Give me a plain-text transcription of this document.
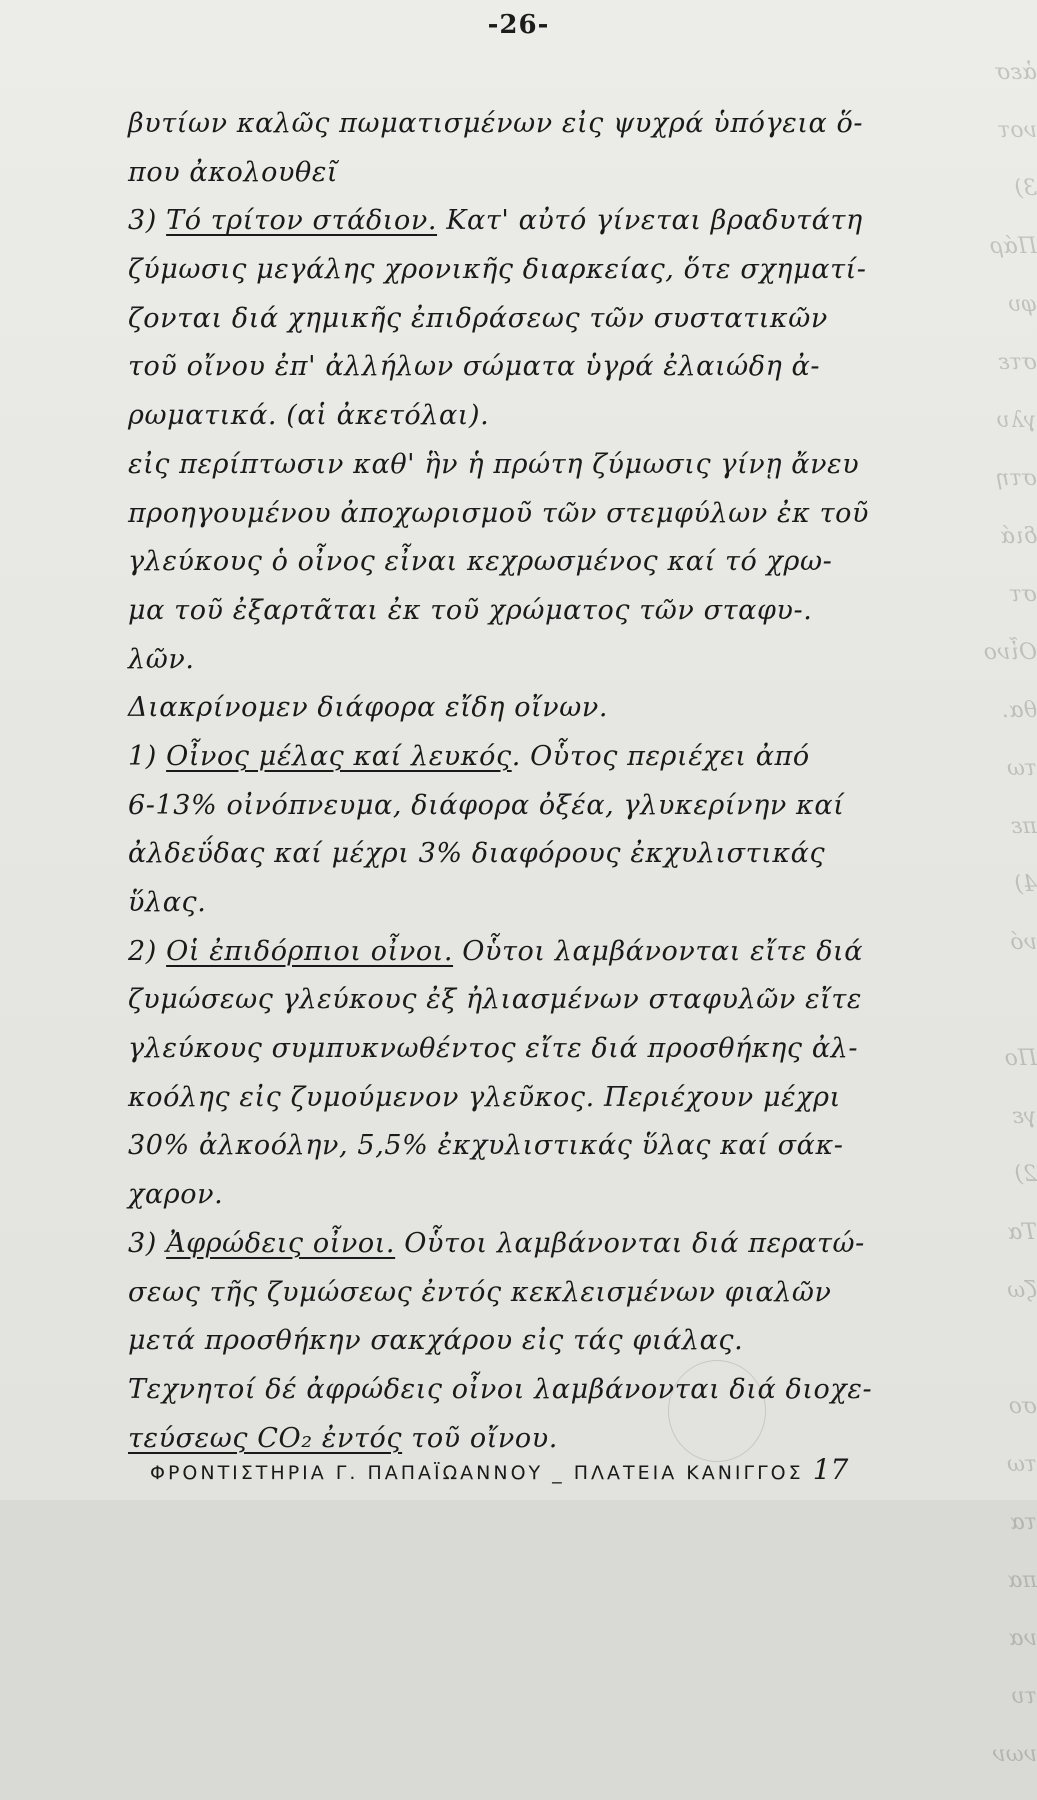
ἀεσ
νοτ
3)
Πάρ
φυ
στε
γλυ
στη
διά
στ
Οἶνο
θα.
τω
πε
4)
νό
Πο
γε
2)
Τα
ζω
σο
τω
τα
πα
να
τυ
νων
-26-
βυτίων καλῶς πωματισμένων εἰς ψυχρά ὑπόγεια ὅ-
που ἀκολουθεῖ
3) Τό τρίτον στάδιον. Κατ' αὐτό γίνεται βραδυτάτη
ζύμωσις μεγάλης χρονικῆς διαρκείας, ὅτε σχηματί-
ζονται διά χημικῆς ἐπιδράσεως τῶν συστατικῶν
τοῦ οἴνου ἐπ' ἀλλήλων σώματα ὑγρά ἐλαιώδη ἀ-
ρωματικά. (αἱ ἀκετόλαι).
εἰς περίπτωσιν καθ' ἣν ἡ πρώτη ζύμωσις γίνῃ ἄνευ
προηγουμένου ἀποχωρισμοῦ τῶν στεμφύλων ἐκ τοῦ
γλεύκους ὁ οἶνος εἶναι κεχρωσμένος καί τό χρω-
μα τοῦ ἐξαρτᾶται ἐκ τοῦ χρώματος τῶν σταφυ-.
λῶν.
Διακρίνομεν διάφορα εἴδη οἴνων.
1) Οἶνος μέλας καί λευκός. Οὗτος περιέχει ἀπό
6-13% οἰνόπνευμα, διάφορα ὀξέα, γλυκερίνην καί
ἀλδεΰδας καί μέχρι 3% διαφόρους ἐκχυλιστικάς
ὕλας.
2) Οἱ ἐπιδόρπιοι οἶνοι. Οὗτοι λαμβάνονται εἴτε διά
ζυμώσεως γλεύκους ἐξ ἠλιασμένων σταφυλῶν εἴτε
γλεύκους συμπυκνωθέντος εἴτε διά προσθήκης ἀλ-
κοόλης εἰς ζυμούμενον γλεῦκος. Περιέχουν μέχρι
30% ἀλκοόλην, 5,5% ἐκχυλιστικάς ὕλας καί σάκ-
χαρον.
3) Ἀφρώδεις οἶνοι. Οὗτοι λαμβάνονται διά περατώ-
σεως τῆς ζυμώσεως ἐντός κεκλεισμένων φιαλῶν
μετά προσθήκην σακχάρου εἰς τάς φιάλας.
Τεχνητοί δέ ἀφρώδεις οἶνοι λαμβάνονται διά διοχε-
τεύσεως CO₂ ἐντός τοῦ οἴνου.
ΦΡΟΝΤΙΣΤΗΡΙΑ Γ. ΠΑΠΑΪΩΑΝΝΟΥ _ ΠΛΑΤΕΙΑ ΚΑΝΙΓΓΟΣ 17
